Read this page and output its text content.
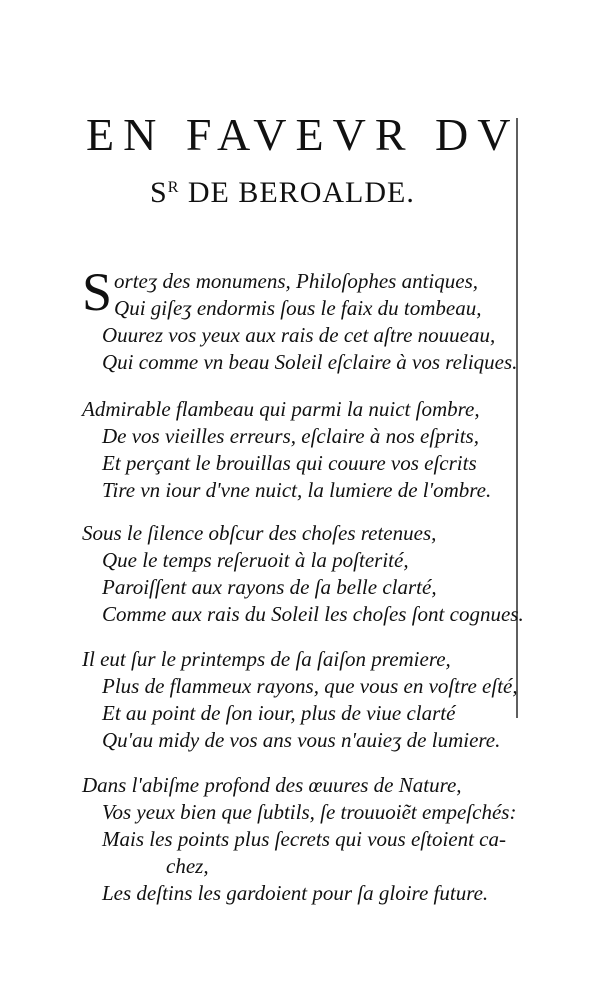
EN FAVEVR DV
$S^R$ DE BEROALDE.
Sorteʒ des monumens, Philoſophes antiques,
Qui giſeʒ endormis ſous le faix du tombeau,
Ouurez vos yeux aux rais de cet aſtre nouueau,
Qui comme vn beau Soleil eſclaire à vos reliques.
Admirable flambeau qui parmi la nuict ſombre,
De vos vieilles erreurs, eſclaire à nos eſprits,
Et perçant le brouillas qui couure vos eſcrits
Tire vn iour d'vne nuict, la lumiere de l'ombre.
Sous le ſilence obſcur des choſes retenues,
Que le temps reſeruoit à la poſterité,
Paroiſſent aux rayons de ſa belle clarté,
Comme aux rais du Soleil les choſes ſont cognues.
Il eut ſur le printemps de ſa ſaiſon premiere,
Plus de flammeux rayons, que vous en voſtre eſté,
Et au point de ſon iour, plus de viue clarté
Qu'au midy de vos ans vous n'auieʒ de lumiere.
Dans l'abiſme profond des œuures de Nature,
Vos yeux bien que ſubtils, ſe trouuoiẽt empeſchés:
Mais les points plus ſecrets qui vous eſtoient ca-
chez,
Les deſtins les gardoient pour ſa gloire future.
